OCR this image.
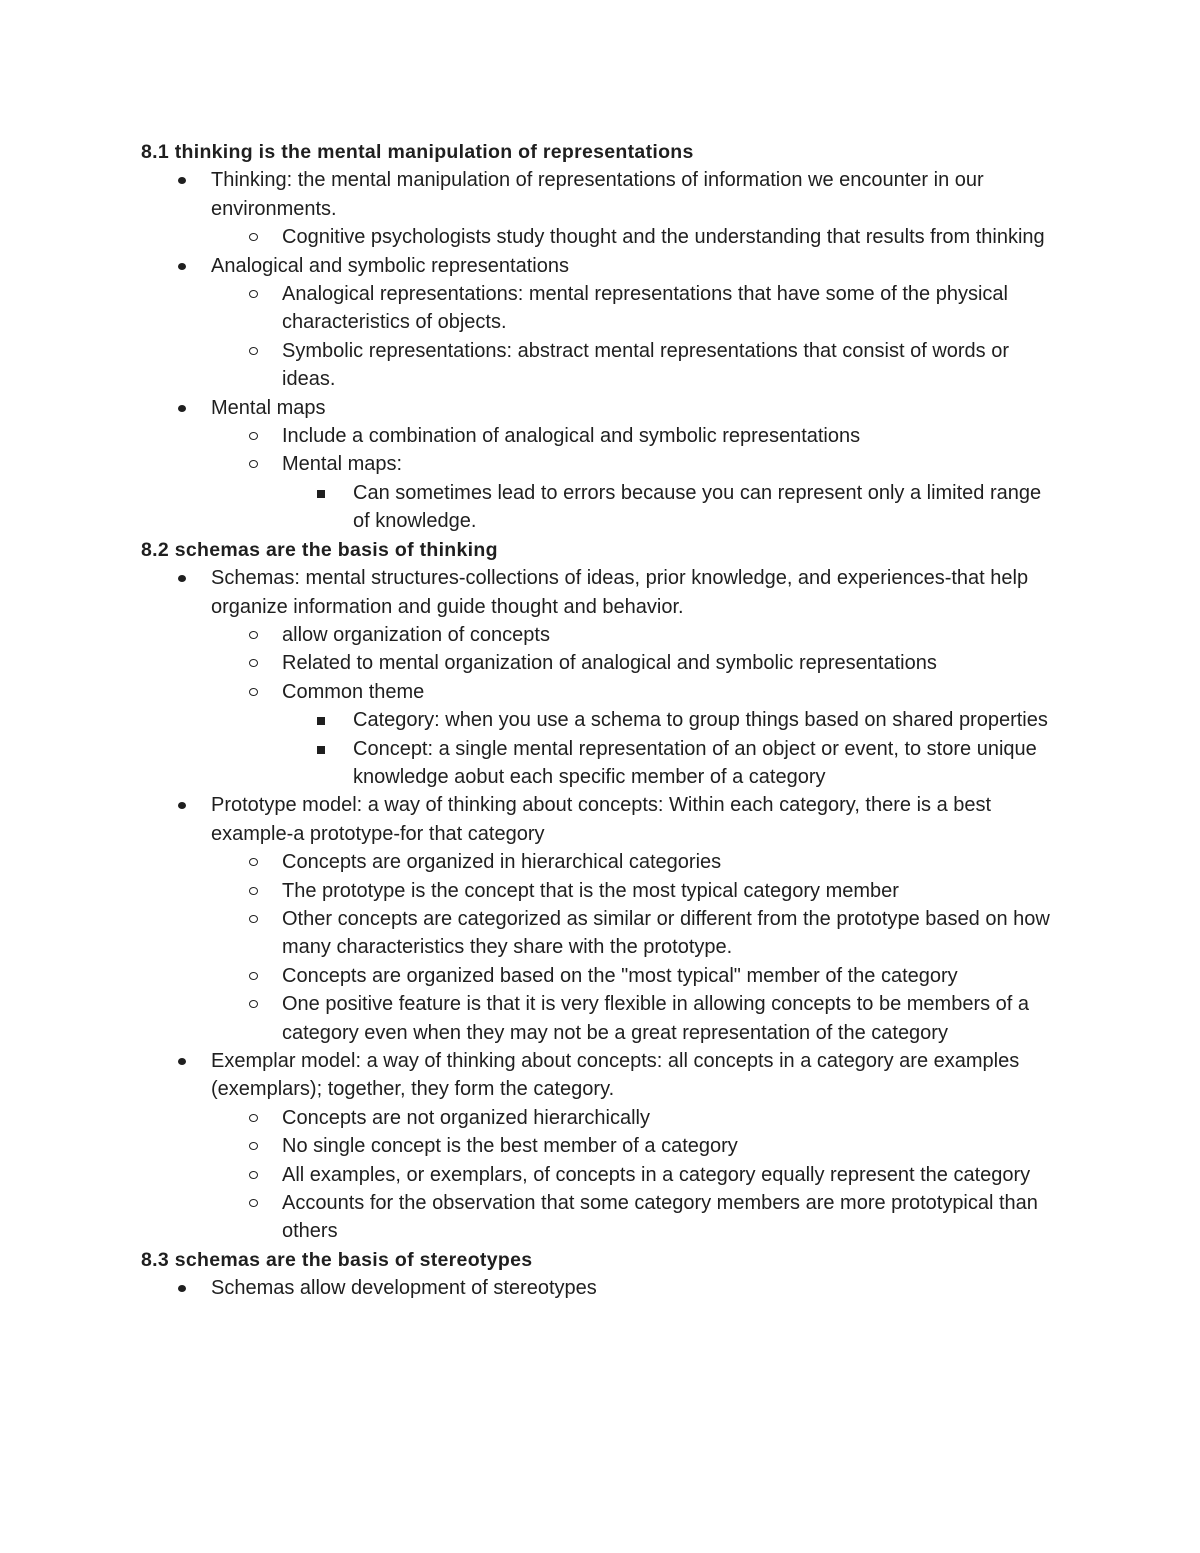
8.1 thinking is the mental manipulation of representations
Thinking: the mental manipulation of representations of information we encounter in our environments.
Cognitive psychologists study thought and the understanding that results from thinking
Analogical and symbolic representations
Analogical representations: mental representations that have some of the physical characteristics of objects.
Symbolic representations: abstract mental representations that consist of words or ideas.
Mental maps
Include a combination of analogical and symbolic representations
Mental maps:
Can sometimes lead to errors because you can represent only a limited range of knowledge.
8.2 schemas are the basis of thinking
Schemas: mental structures-collections of ideas, prior knowledge, and experiences-that help organize information and guide thought and behavior.
allow organization of concepts
Related to mental organization of analogical and symbolic representations
Common theme
Category: when you use a schema to group things based on shared properties
Concept: a single mental representation of an object or event, to store unique knowledge aobut each specific member of a category
Prototype model: a way of thinking about concepts: Within each category, there is a best example-a prototype-for that category
Concepts are organized in hierarchical categories
The prototype is the concept that is the most typical category member
Other concepts are categorized as similar or different from the prototype based on how many characteristics they share with the prototype.
Concepts are organized based on the "most typical" member of the category
One positive feature is that it is very flexible in allowing concepts to be members of a category even when they may not be a great representation of the category
Exemplar model: a way of thinking about concepts: all concepts in a category are examples (exemplars); together, they form the category.
Concepts are not organized hierarchically
No single concept is the best member of a category
All examples, or exemplars, of concepts in a category equally represent the category
Accounts for the observation that some category members are more prototypical than others
8.3 schemas are the basis of stereotypes
Schemas allow development of stereotypes
